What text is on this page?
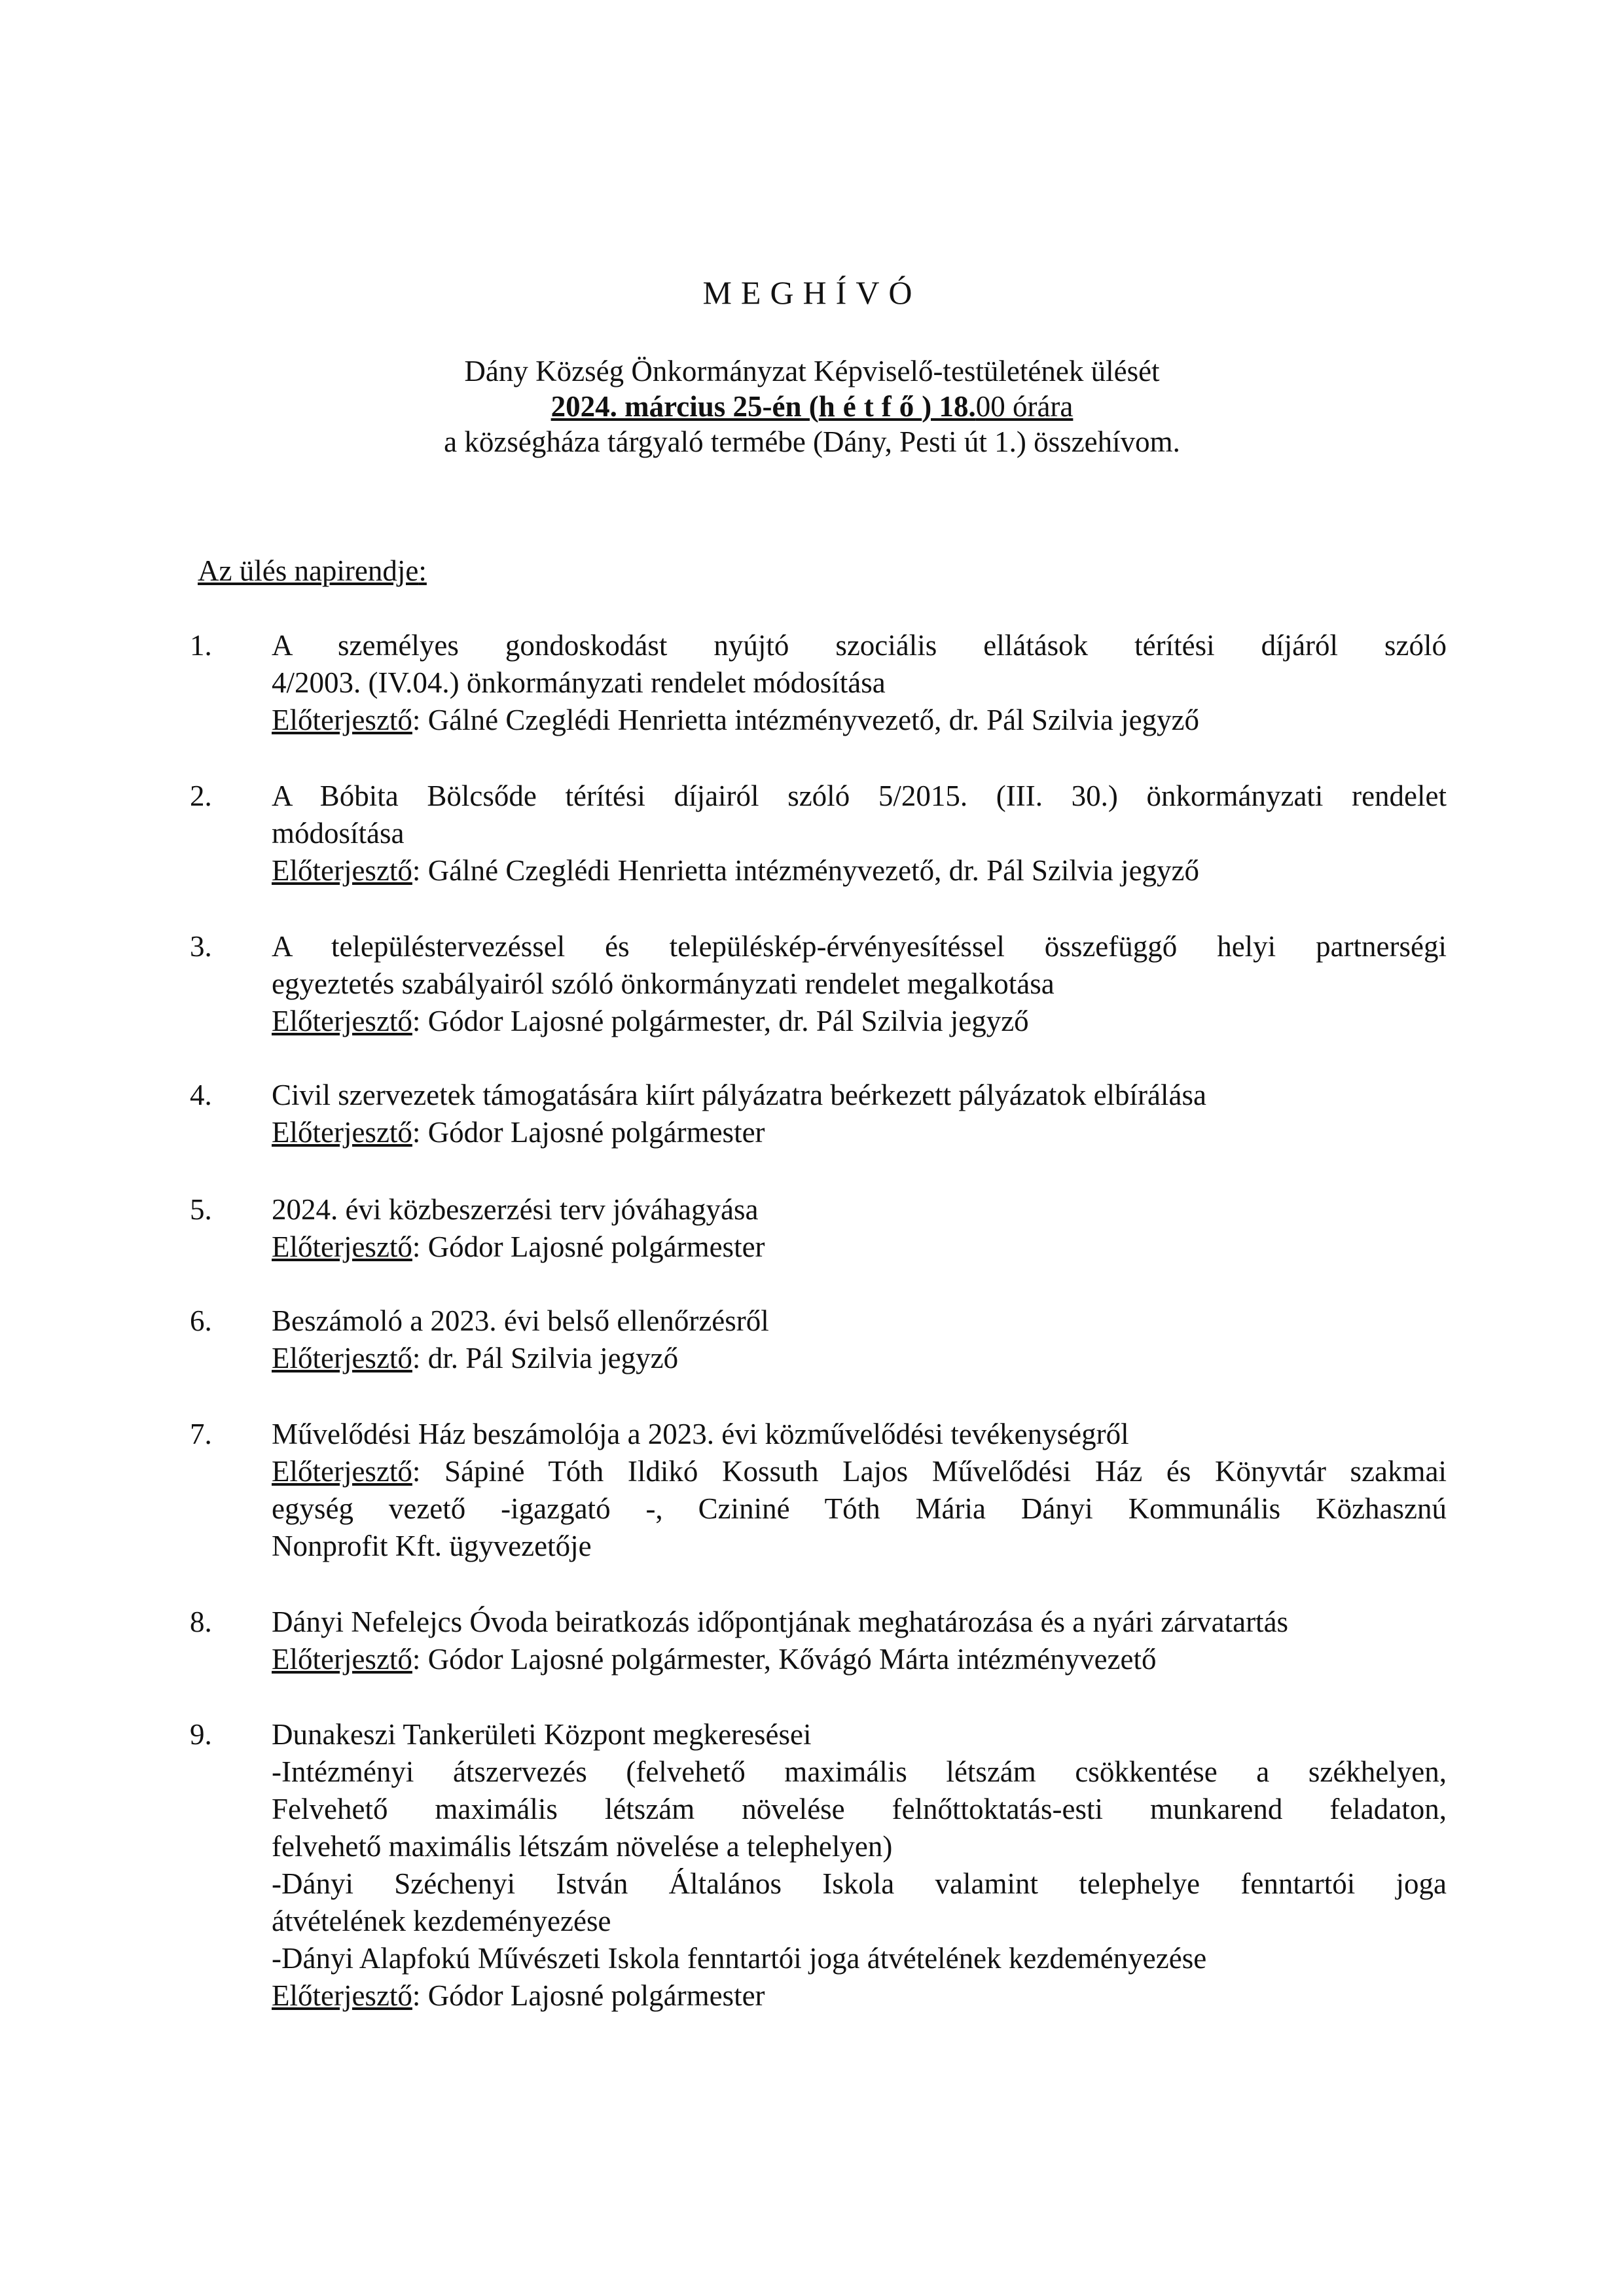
MEGHÍVÓ
Dány Község Önkormányzat Képviselő-testületének ülését
2024. március 25-én (hétfő) 18.00 órára
a községháza tárgyaló termébe (Dány, Pesti út 1.) összehívom.
Az ülés napirendje:
1.	A személyes gondoskodást nyújtó szociális ellátások térítési díjáról szóló
4/2003. (IV.04.) önkormányzati rendelet módosítása
Előterjesztő: Gálné Czeglédi Henrietta intézményvezető, dr. Pál Szilvia jegyző
2.	A Bóbita Bölcsőde térítési díjairól szóló 5/2015. (III. 30.) önkormányzati rendelet
módosítása
Előterjesztő: Gálné Czeglédi Henrietta intézményvezető, dr. Pál Szilvia jegyző
3.	A településtervezéssel és településkép-érvényesítéssel összefüggő helyi partnerségi
egyeztetés szabályairól szóló önkormányzati rendelet megalkotása
Előterjesztő: Gódor Lajosné polgármester, dr. Pál Szilvia jegyző
4.	Civil szervezetek támogatására kiírt pályázatra beérkezett pályázatok elbírálása
Előterjesztő: Gódor Lajosné polgármester
5.	2024. évi közbeszerzési terv jóváhagyása
Előterjesztő: Gódor Lajosné polgármester
6.	Beszámoló a 2023. évi belső ellenőrzésről
Előterjesztő: dr. Pál Szilvia jegyző
7.	Művelődési Ház beszámolója a 2023. évi közművelődési tevékenységről
Előterjesztő: Sápiné Tóth Ildikó Kossuth Lajos Művelődési Ház és Könyvtár szakmai
egység vezető -igazgató -, Czininé Tóth Mária Dányi Kommunális Közhasznú
Nonprofit Kft. ügyvezetője
8.	Dányi Nefelejcs Óvoda beiratkozás időpontjának meghatározása és a nyári zárvatartás
Előterjesztő: Gódor Lajosné polgármester, Kővágó Márta intézményvezető
9.	Dunakeszi Tankerületi Központ megkeresései
-Intézményi átszervezés (felvehető maximális létszám csökkentése a székhelyen,
Felvehető maximális létszám növelése felnőttoktatás-esti munkarend feladaton,
felvehető maximális létszám növelése a telephelyen)
-Dányi Széchenyi István Általános Iskola valamint telephelye fenntartói joga
átvételének kezdeményezése
-Dányi Alapfokú Művészeti Iskola fenntartói joga átvételének kezdeményezése
Előterjesztő: Gódor Lajosné polgármester
